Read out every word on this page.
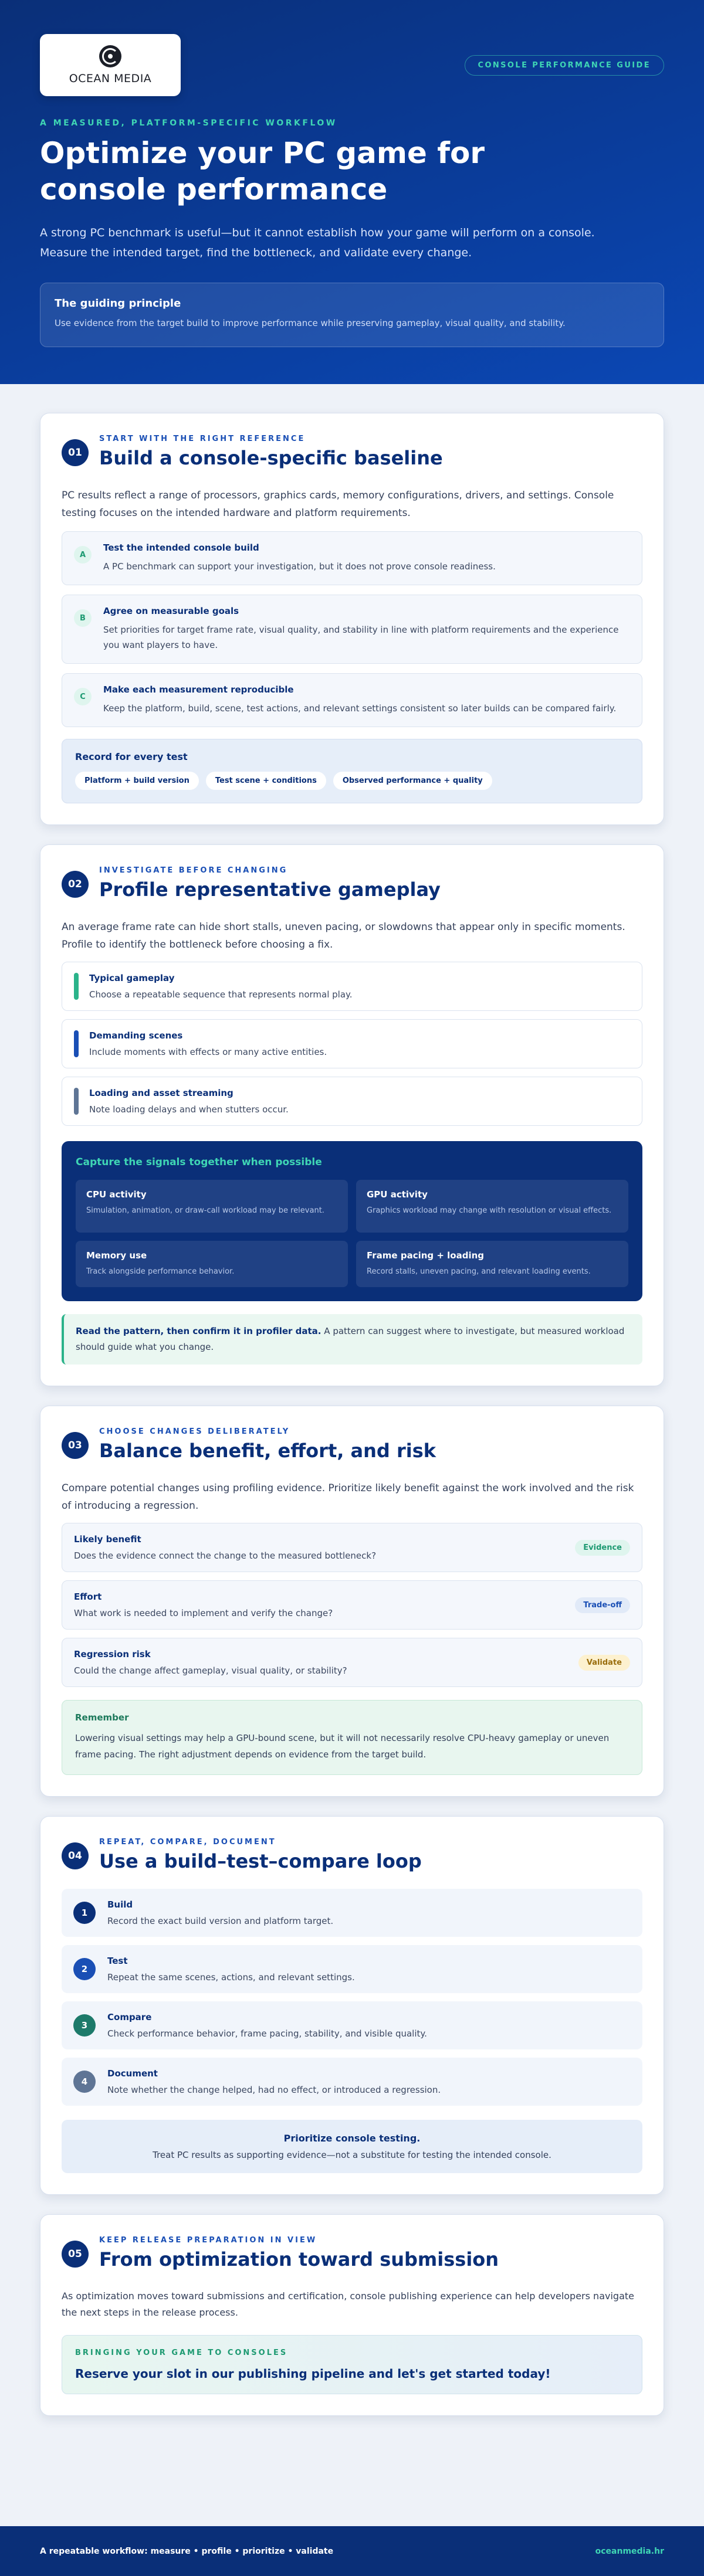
OCEAN MEDIA
CONSOLE PERFORMANCE GUIDE
A MEASURED, PLATFORM-SPECIFIC WORKFLOW
Optimize your PC game for console performance

A strong PC benchmark is useful—but it cannot establish how your game will perform on a console. Measure the intended target, find the bottleneck, and validate every change.

The guiding principle

Use evidence from the target build to improve performance while preserving gameplay, visual quality, and stability.

01
START WITH THE RIGHT REFERENCE
Build a console-specific baseline

PC results reflect a range of processors, graphics cards, memory configurations, drivers, and settings. Console testing focuses on the intended hardware and platform requirements.

A
Test the intended console build

A PC benchmark can support your investigation, but it does not prove console readiness.

B
Agree on measurable goals

Set priorities for target frame rate, visual quality, and stability in line with platform requirements and the experience you want players to have.

C
Make each measurement reproducible

Keep the platform, build, scene, test actions, and relevant settings consistent so later builds can be compared fairly.

Record for every test
Platform + build version	Test scene + conditions	Observed performance + quality
02
INVESTIGATE BEFORE CHANGING
Profile representative gameplay

An average frame rate can hide short stalls, uneven pacing, or slowdowns that appear only in specific moments. Profile to identify the bottleneck before choosing a fix.

Typical gameplay

Choose a repeatable sequence that represents normal play.

Demanding scenes

Include moments with effects or many active entities.

Loading and asset streaming

Note loading delays and when stutters occur.

Capture the signals together when possible
CPU activity

Simulation, animation, or draw-call workload may be relevant.

GPU activity

Graphics workload may change with resolution or visual effects.

Memory use

Track alongside performance behavior.

Frame pacing + loading

Record stalls, uneven pacing, and relevant loading events.

Read the pattern, then confirm it in profiler data. A pattern can suggest where to investigate, but measured workload should guide what you change.
03
CHOOSE CHANGES DELIBERATELY
Balance benefit, effort, and risk

Compare potential changes using profiling evidence. Prioritize likely benefit against the work involved and the risk of introducing a regression.

Likely benefit

Does the evidence connect the change to the measured bottleneck?

Evidence
Effort

What work is needed to implement and verify the change?

Trade-off
Regression risk

Could the change affect gameplay, visual quality, or stability?

Validate
Remember

Lowering visual settings may help a GPU-bound scene, but it will not necessarily resolve CPU-heavy gameplay or uneven frame pacing. The right adjustment depends on evidence from the target build.

04
REPEAT, COMPARE, DOCUMENT
Use a build–test–compare loop
1
Build

Record the exact build version and platform target.

2
Test

Repeat the same scenes, actions, and relevant settings.

3
Compare

Check performance behavior, frame pacing, stability, and visible quality.

4
Document

Note whether the change helped, had no effect, or introduced a regression.

Prioritize console testing.

Treat PC results as supporting evidence—not a substitute for testing the intended console.

05
KEEP RELEASE PREPARATION IN VIEW
From optimization toward submission

As optimization moves toward submissions and certification, console publishing experience can help developers navigate the next steps in the release process.

BRINGING YOUR GAME TO CONSOLES
Reserve your slot in our publishing pipeline and let's get started today!
A repeatable workflow: measure • profile • prioritize • validate	oceanmedia.hr
